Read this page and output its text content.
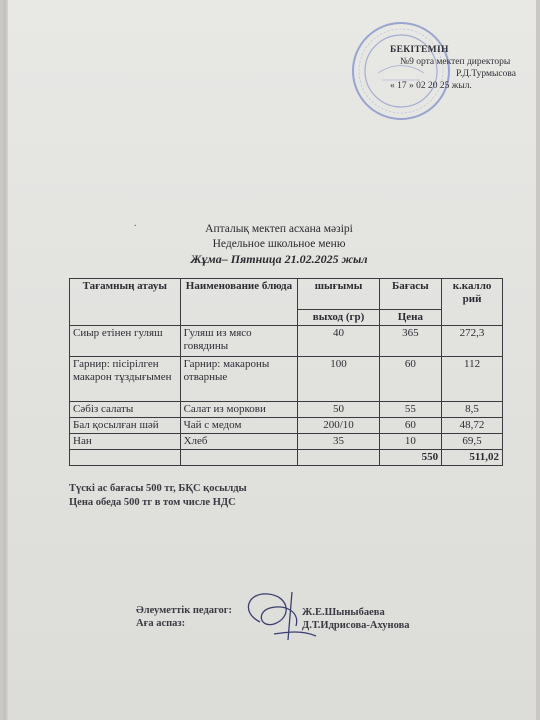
БЕКІТЕМІН
№9 орта мектеп директоры
Р.Д.Турмысова
« 17 » 02 20 25 жыл.
.	Апталық мектеп асхана мәзірі
Недельное школьное меню
Жұма– Пятница 21.02.2025 жыл
Тағамның атауы	Наименование блюда	шығымы	Бағасы	к.калло рий
		выход (гр)	Цена	
Сиыр етінен гуляш	Гуляш из мясо говядины	40	365	272,3
Гарнир: пісірілген макарон тұздығымен	Гарнир: макароны отварные	100	60	112
Сәбіз салаты	Салат из моркови	50	55	8,5
Бал қосылған шәй	Чай с медом	200/10	60	48,72
Нан	Хлеб	35	10	69,5
			550	511,02
Түскі ас бағасы 500 тг, БҚС қосылды
Цена обеда 500 тг в том числе НДС
Әлеуметтік педагог:
Аға аспаз:
Ж.Е.Шыныбаева
Д.Т.Идрисова-Ахунова
